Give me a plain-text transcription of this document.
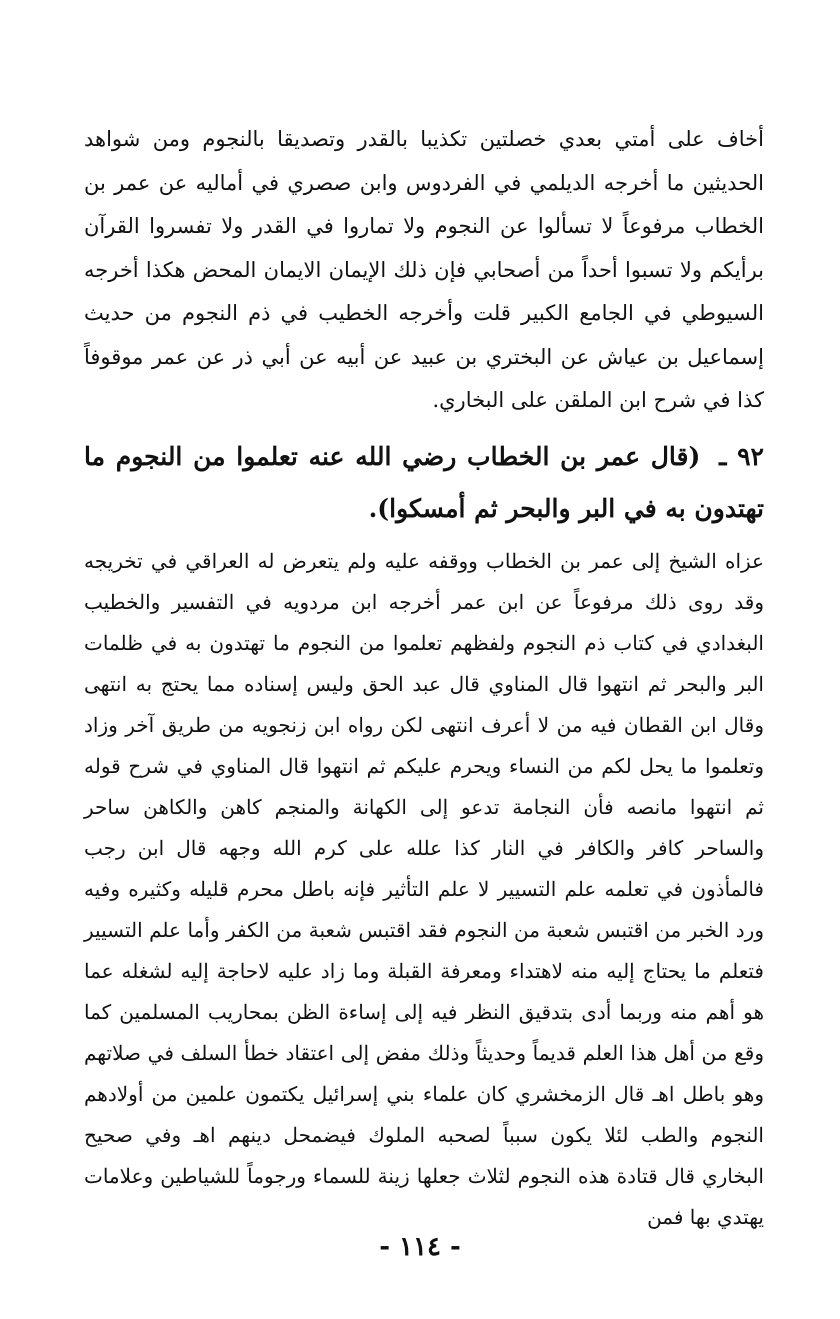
أخاف على أمتي بعدي خصلتين تكذيبا بالقدر وتصديقا بالنجوم ومن شواهد الحديثين ما أخرجه الديلمي في الفردوس وابن صصري في أماليه عن عمر بن الخطاب مرفوعاً لا تسألوا عن النجوم ولا تماروا في القدر ولا تفسروا القرآن برأيكم ولا تسبوا أحداً من أصحابي فإن ذلك الإيمان الايمان المحض هكذا أخرجه السيوطي في الجامع الكبير قلت وأخرجه الخطيب في ذم النجوم من حديث إسماعيل بن عياش عن البختري بن عبيد عن أبيه عن أبي ذر عن عمر موقوفاً كذا في شرح ابن الملقن على البخاري.

٩٢ ـ (قال عمر بن الخطاب رضي الله عنه تعلموا من النجوم ما تهتدون به في البر والبحر ثم أمسكوا).

عزاه الشيخ إلى عمر بن الخطاب ووقفه عليه ولم يتعرض له العراقي في تخريجه وقد روى ذلك مرفوعاً عن ابن عمر أخرجه ابن مردويه في التفسير والخطيب البغدادي في كتاب ذم النجوم ولفظهم تعلموا من النجوم ما تهتدون به في ظلمات البر والبحر ثم انتهوا قال المناوي قال عبد الحق وليس إسناده مما يحتج به انتهى وقال ابن القطان فيه من لا أعرف انتهى لكن رواه ابن زنجويه من طريق آخر وزاد وتعلموا ما يحل لكم من النساء ويحرم عليكم ثم انتهوا قال المناوي في شرح قوله ثم انتهوا مانصه فأن النجامة تدعو إلى الكهانة والمنجم كاهن والكاهن ساحر والساحر كافر والكافر في النار كذا علله على كرم الله وجهه قال ابن رجب فالمأذون في تعلمه علم التسيير لا علم التأثير فإنه باطل محرم قليله وكثيره وفيه ورد الخبر من اقتبس شعبة من النجوم فقد اقتبس شعبة من الكفر وأما علم التسيير فتعلم ما يحتاج إليه منه لاهتداء ومعرفة القبلة وما زاد عليه لاحاجة إليه لشغله عما هو أهم منه وربما أدى بتدقيق النظر فيه إلى إساءة الظن بمحاريب المسلمين كما وقع من أهل هذا العلم قديماً وحديثاً وذلك مفض إلى اعتقاد خطأ السلف في صلاتهم وهو باطل اهـ قال الزمخشري كان علماء بني إسرائيل يكتمون علمين من أولادهم النجوم والطب لئلا يكون سبباً لصحبه الملوك فيضمحل دينهم اهـ وفي صحيح البخاري قال قتادة هذه النجوم لثلاث جعلها زينة للسماء ورجوماً للشياطين وعلامات يهتدي بها فمن

- ١١٤ -
